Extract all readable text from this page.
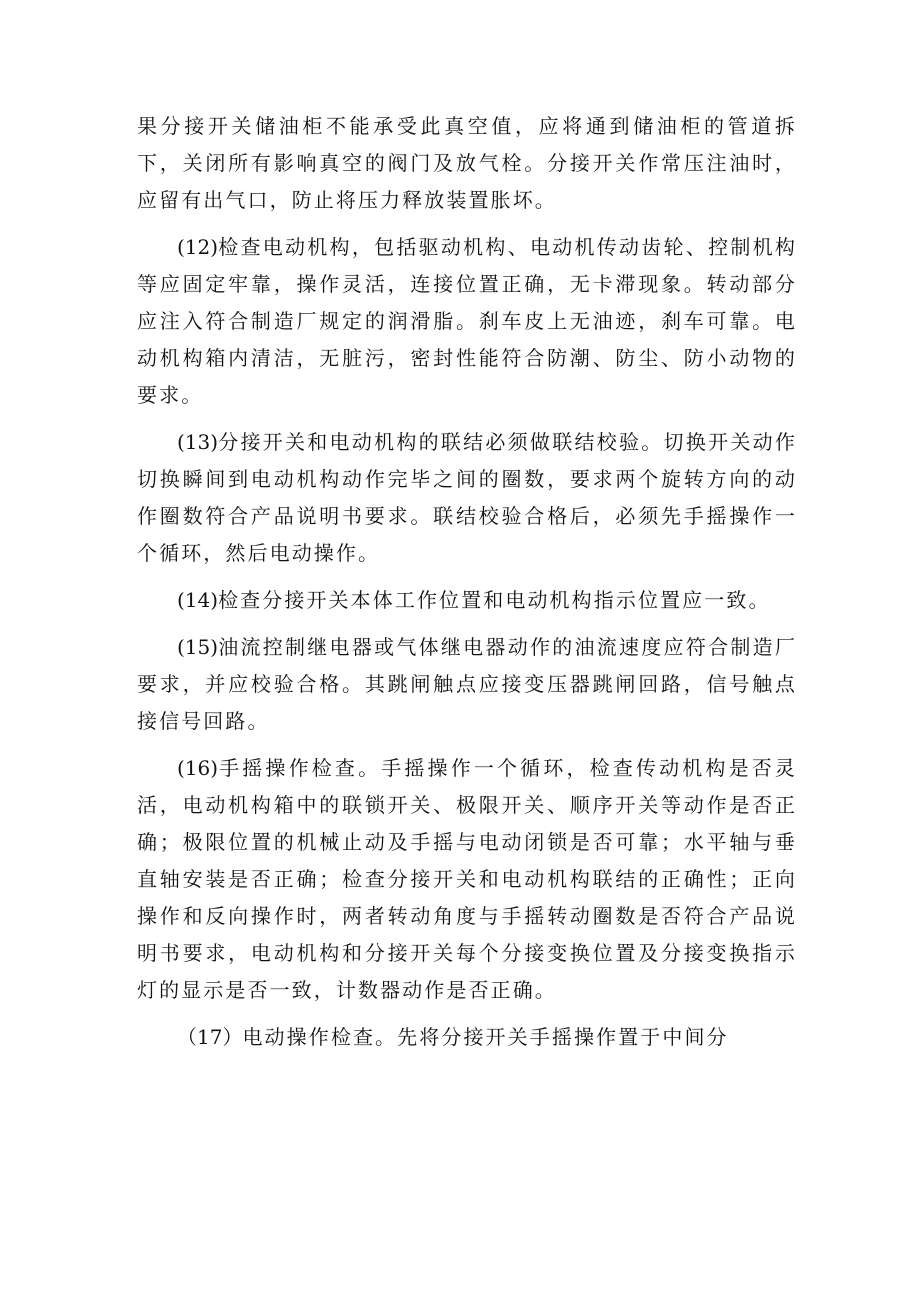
果分接开关储油柜不能承受此真空值，应将通到储油柜的管道拆下，关闭所有影响真空的阀门及放气栓。分接开关作常压注油时，应留有出气口，防止将压力释放装置胀坏。

(12)检查电动机构，包括驱动机构、电动机传动齿轮、控制机构等应固定牢靠，操作灵活，连接位置正确，无卡滞现象。转动部分应注入符合制造厂规定的润滑脂。刹车皮上无油迹，刹车可靠。电动机构箱内清洁，无脏污，密封性能符合防潮、防尘、防小动物的要求。

(13)分接开关和电动机构的联结必须做联结校验。切换开关动作切换瞬间到电动机构动作完毕之间的圈数，要求两个旋转方向的动作圈数符合产品说明书要求。联结校验合格后，必须先手摇操作一个循环，然后电动操作。

(14)检查分接开关本体工作位置和电动机构指示位置应一致。

(15)油流控制继电器或气体继电器动作的油流速度应符合制造厂要求，并应校验合格。其跳闸触点应接变压器跳闸回路，信号触点接信号回路。

(16)手摇操作检查。手摇操作一个循环，检查传动机构是否灵活，电动机构箱中的联锁开关、极限开关、顺序开关等动作是否正确；极限位置的机械止动及手摇与电动闭锁是否可靠；水平轴与垂直轴安装是否正确；检查分接开关和电动机构联结的正确性；正向操作和反向操作时，两者转动角度与手摇转动圈数是否符合产品说明书要求，电动机构和分接开关每个分接变换位置及分接变换指示灯的显示是否一致，计数器动作是否正确。

（17）电动操作检查。先将分接开关手摇操作置于中间分
